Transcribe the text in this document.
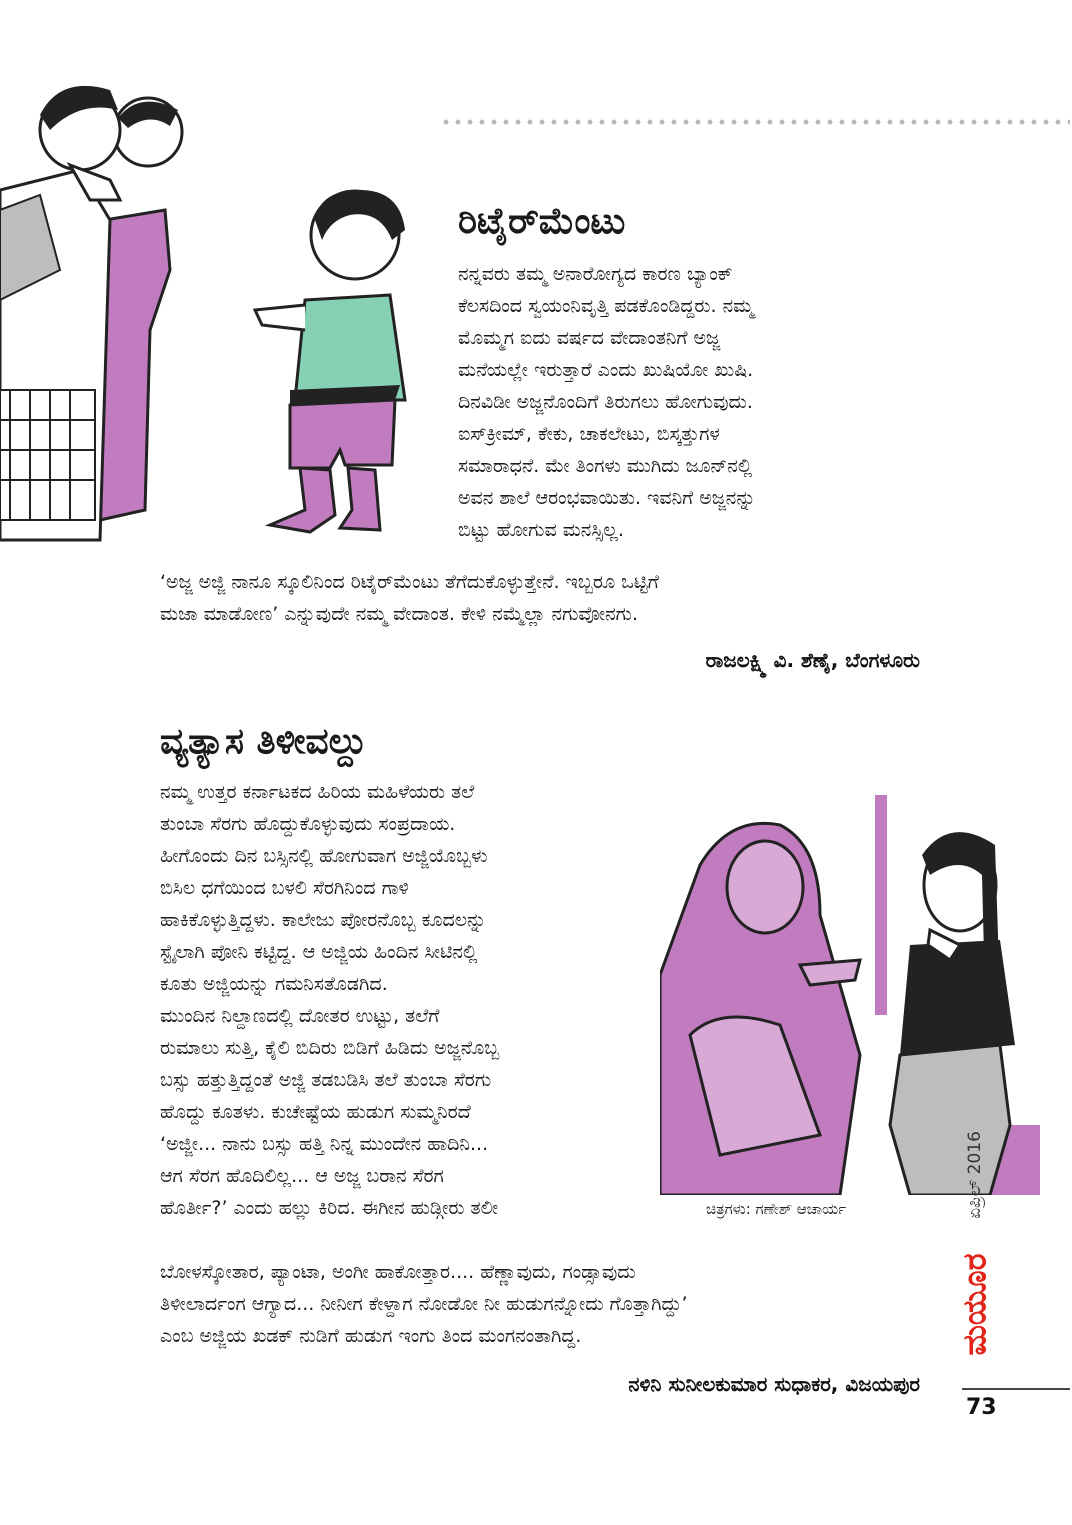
ರಿಟೈರ್‌ಮೆಂಟು
ನನ್ನವರು ತಮ್ಮ ಅನಾರೋಗ್ಯದ ಕಾರಣ ಬ್ಯಾಂಕ್
ಕೆಲಸದಿಂದ ಸ್ವಯಂನಿವೃತ್ತಿ ಪಡಕೊಂಡಿದ್ದರು. ನಮ್ಮ
ಮೊಮ್ಮಗ ಐದು ವರ್ಷದ ವೇದಾಂತನಿಗೆ ಅಜ್ಜ
ಮನೆಯಲ್ಲೇ ಇರುತ್ತಾರೆ ಎಂದು ಖುಷಿಯೋ ಖುಷಿ.
ದಿನವಿಡೀ ಅಜ್ಜನೊಂದಿಗೆ ತಿರುಗಲು ಹೋಗುವುದು.
ಐಸ್‌ಕ್ರೀಮ್, ಕೇಕು, ಚಾಕಲೇಟು, ಬಿಸ್ಕತ್ತುಗಳ
ಸಮಾರಾಧನೆ. ಮೇ ತಿಂಗಳು ಮುಗಿದು ಜೂನ್‌ನಲ್ಲಿ
ಅವನ ಶಾಲೆ ಆರಂಭವಾಯಿತು. ಇವನಿಗೆ ಅಜ್ಜನನ್ನು
ಬಿಟ್ಟು ಹೋಗುವ ಮನಸ್ಸಿಲ್ಲ.
‘ಅಜ್ಜ ಅಜ್ಜಿ ನಾನೂ ಸ್ಕೂಲಿನಿಂದ ರಿಟೈರ್‌ಮೆಂಟು ತೆಗೆದುಕೊಳ್ಳುತ್ತೇನೆ. ಇಬ್ಬರೂ ಒಟ್ಟಿಗೆ
ಮಜಾ ಮಾಡೋಣ’ ಎನ್ನುವುದೇ ನಮ್ಮ ವೇದಾಂತ. ಕೇಳಿ ನಮ್ಮೆಲ್ಲಾ ನಗುವೋನಗು.
ರಾಜಲಕ್ಷ್ಮಿ ವಿ. ಶೆಣೈ, ಬೆಂಗಳೂರು
ವ್ಯತ್ಯಾಸ ತಿಳೀವಲ್ದು
ಚಿತ್ರಗಳು: ಗಣೇಶ್ ಆಚಾರ್ಯ
ನಮ್ಮ ಉತ್ತರ ಕರ್ನಾಟಕದ ಹಿರಿಯ ಮಹಿಳೆಯರು ತಲೆ
ತುಂಬಾ ಸೆರಗು ಹೊದ್ದುಕೊಳ್ಳುವುದು ಸಂಪ್ರದಾಯ.
ಹೀಗೊಂದು ದಿನ ಬಸ್ಸಿನಲ್ಲಿ ಹೋಗುವಾಗ ಅಜ್ಜಿಯೊಬ್ಬಳು
ಬಿಸಿಲ ಧಗೆಯಿಂದ ಬಳಲಿ ಸೆರಗಿನಿಂದ ಗಾಳಿ
ಹಾಕಿಕೊಳ್ಳುತ್ತಿದ್ದಳು. ಕಾಲೇಜು ಪೋರನೊಬ್ಬ ಕೂದಲನ್ನು
ಸ್ಟೈಲಾಗಿ ಪೋನಿ ಕಟ್ಟಿದ್ದ. ಆ ಅಜ್ಜಿಯ ಹಿಂದಿನ ಸೀಟಿನಲ್ಲಿ
ಕೂತು ಅಜ್ಜಿಯನ್ನು ಗಮನಿಸತೊಡಗಿದ.
ಮುಂದಿನ ನಿಲ್ದಾಣದಲ್ಲಿ ದೋತರ ಉಟ್ಟು, ತಲೆಗೆ
ರುಮಾಲು ಸುತ್ತಿ, ಕೈಲಿ ಬಿದಿರು ಬಿಡಿಗೆ ಹಿಡಿದು ಅಜ್ಜನೊಬ್ಬ
ಬಸ್ಸು ಹತ್ತುತ್ತಿದ್ದಂತೆ ಅಜ್ಜಿ ತಡಬಡಿಸಿ ತಲೆ ತುಂಬಾ ಸೆರಗು
ಹೊದ್ದು ಕೂತಳು. ಕುಚೇಷ್ಟೆಯ ಹುಡುಗ ಸುಮ್ಮನಿರದೆ
‘ಅಜ್ಜೀ... ನಾನು ಬಸ್ಸು ಹತ್ತಿ ನಿನ್ನ ಮುಂದೇನ ಹಾದಿನಿ...
ಆಗ ಸೆರಗ ಹೊದಿಲಿಲ್ಲ... ಆ ಅಜ್ಜ ಬರಾನ ಸೆರಗ
ಹೊರ್ತೀ?’ ಎಂದು ಹಲ್ಲು ಕಿರಿದ. ಈಗೀನ ಹುಡ್ಗೀರು ತಲೀ
ಬೋಳಸ್ಕೋತಾರ, ಪ್ಯಾಂಟಾ, ಅಂಗೀ ಹಾಕೋತ್ತಾರ.... ಹೆಣ್ಣಾವುದು, ಗಂಡ್ಸಾವುದು
ತಿಳೀಲಾರ್ದಂಗ ಆಗ್ಯಾದ... ನೀನೀಗ ಕೇಳ್ದಾಗ ನೋಡೋ ನೀ ಹುಡುಗನ್ನೋದು ಗೊತ್ತಾಗಿದ್ದು’
ಎಂಬ ಅಜ್ಜಿಯ ಖಡಕ್ ನುಡಿಗೆ ಹುಡುಗ ಇಂಗು ತಿಂದ ಮಂಗನಂತಾಗಿದ್ದ.
ನಳಿನಿ ಸುನೀಲಕುಮಾರ ಸುಧಾಕರ, ವಿಜಯಪುರ
ಏಪ್ರಿಲ್ 2016
ಮಯೂರ
73
